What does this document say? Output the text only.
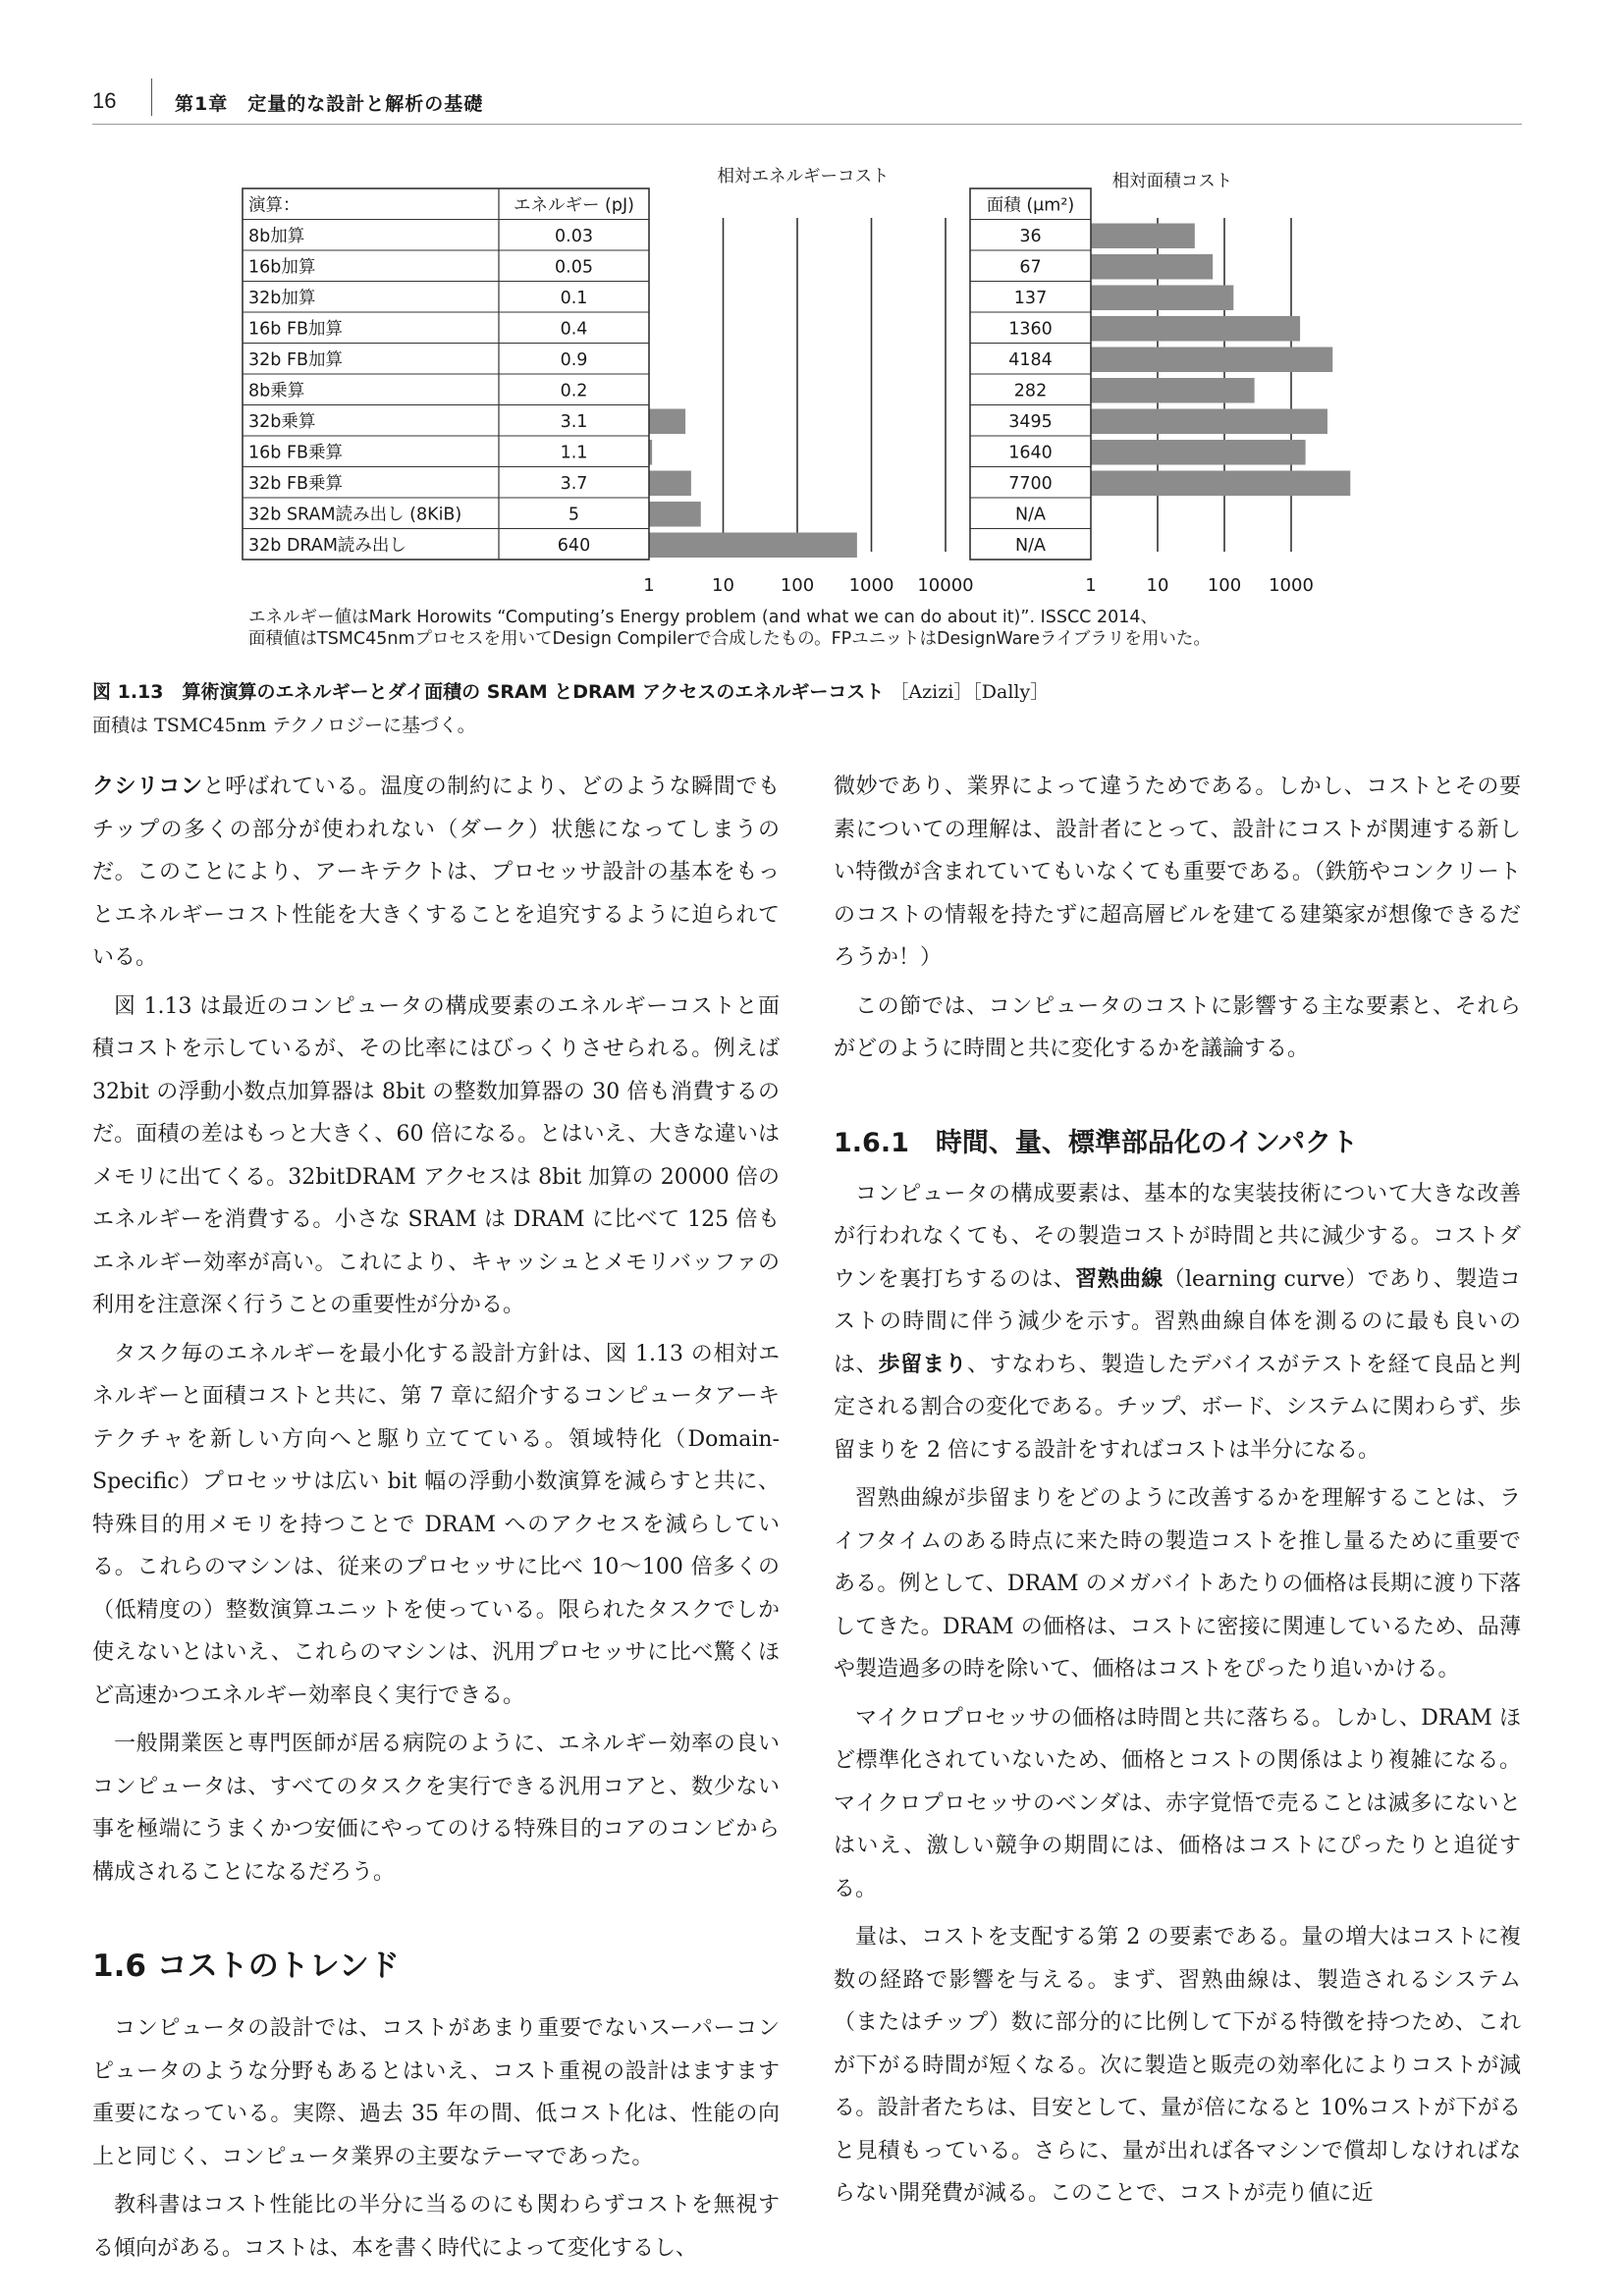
16	第1章　定量的な設計と解析の基礎
相対エネルギーコスト	相対面積コスト
1	10	100 1000 10000	1	10 100 1000
演算：	エネルギー (pJ)	面積 (μm²)
8b加算	0.03	36
16b加算	0.05	67
32b加算	0.1	137
16b FB加算	0.4	1360
32b FB加算	0.9	4184
8b乗算	0.2	282
32b乗算	3.1	3495
16b FB乗算	1.1	1640
32b FB乗算	3.7	7700
32b SRAM読み出し (8KiB)	5	N/A
32b DRAM読み出し	640	N/A
エネルギー値はMark Horowits “Computing’s Energy problem (and what we can do about it)”. ISSCC 2014、
面積値はTSMC45nmプロセスを用いてDesign Compilerで合成したもの。FPユニットはDesignWareライブラリを用いた。
図 1.13　算術演算のエネルギーとダイ面積の SRAM とDRAM アクセスのエネルギーコスト ［Azizi］［Dally］
面積は TSMC45nm テクノロジーに基づく。

クシリコンと呼ばれている。温度の制約により、どのような瞬間でもチップの多くの部分が使われない（ダーク）状態になってしまうのだ。このことにより、アーキテクトは、プロセッサ設計の基本をもっとエネルギーコスト性能を大きくすることを追究するように迫られている。

図 1.13 は最近のコンピュータの構成要素のエネルギーコストと面積コストを示しているが、その比率にはびっくりさせられる。例えば 32bit の浮動小数点加算器は 8bit の整数加算器の 30 倍も消費するのだ。面積の差はもっと大きく、60 倍になる。とはいえ、大きな違いはメモリに出てくる。32bitDRAM アクセスは 8bit 加算の 20000 倍のエネルギーを消費する。小さな SRAM は DRAM に比べて 125 倍もエネルギー効率が高い。これにより、キャッシュとメモリバッファの利用を注意深く行うことの重要性が分かる。

タスク毎のエネルギーを最小化する設計方針は、図 1.13 の相対エネルギーと面積コストと共に、第 7 章に紹介するコンピュータアーキテクチャを新しい方向へと駆り立てている。領域特化（Domain-Specific）プロセッサは広い bit 幅の浮動小数演算を減らすと共に、特殊目的用メモリを持つことで DRAM へのアクセスを減らしている。これらのマシンは、従来のプロセッサに比べ 10〜100 倍多くの（低精度の）整数演算ユニットを使っている。限られたタスクでしか使えないとはいえ、これらのマシンは、汎用プロセッサに比べ驚くほど高速かつエネルギー効率良く実行できる。

一般開業医と専門医師が居る病院のように、エネルギー効率の良いコンピュータは、すべてのタスクを実行できる汎用コアと、数少ない事を極端にうまくかつ安価にやってのける特殊目的コアのコンビから構成されることになるだろう。

1.6 コストのトレンド

コンピュータの設計では、コストがあまり重要でないスーパーコンピュータのような分野もあるとはいえ、コスト重視の設計はますます重要になっている。実際、過去 35 年の間、低コスト化は、性能の向上と同じく、コンピュータ業界の主要なテーマであった。

教科書はコスト性能比の半分に当るのにも関わらずコストを無視する傾向がある。コストは、本を書く時代によって変化するし、

微妙であり、業界によって違うためである。しかし、コストとその要素についての理解は、設計者にとって、設計にコストが関連する新しい特徴が含まれていてもいなくても重要である。（鉄筋やコンクリートのコストの情報を持たずに超高層ビルを建てる建築家が想像できるだろうか！）

この節では、コンピュータのコストに影響する主な要素と、それらがどのように時間と共に変化するかを議論する。

1.6.1　時間、量、標準部品化のインパクト

コンピュータの構成要素は、基本的な実装技術について大きな改善が行われなくても、その製造コストが時間と共に減少する。コストダウンを裏打ちするのは、習熟曲線（learning curve）であり、製造コストの時間に伴う減少を示す。習熟曲線自体を測るのに最も良いのは、歩留まり、すなわち、製造したデバイスがテストを経て良品と判定される割合の変化である。チップ、ボード、システムに関わらず、歩留まりを 2 倍にする設計をすればコストは半分になる。

習熟曲線が歩留まりをどのように改善するかを理解することは、ライフタイムのある時点に来た時の製造コストを推し量るために重要である。例として、DRAM のメガバイトあたりの価格は長期に渡り下落してきた。DRAM の価格は、コストに密接に関連しているため、品薄や製造過多の時を除いて、価格はコストをぴったり追いかける。

マイクロプロセッサの価格は時間と共に落ちる。しかし、DRAM ほど標準化されていないため、価格とコストの関係はより複雑になる。マイクロプロセッサのベンダは、赤字覚悟で売ることは滅多にないとはいえ、激しい競争の期間には、価格はコストにぴったりと追従する。

量は、コストを支配する第 2 の要素である。量の増大はコストに複数の経路で影響を与える。まず、習熟曲線は、製造されるシステム（またはチップ）数に部分的に比例して下がる特徴を持つため、これが下がる時間が短くなる。次に製造と販売の効率化によりコストが減る。設計者たちは、目安として、量が倍になると 10%コストが下がると見積もっている。さらに、量が出れば各マシンで償却しなければならない開発費が減る。このことで、コストが売り値に近
